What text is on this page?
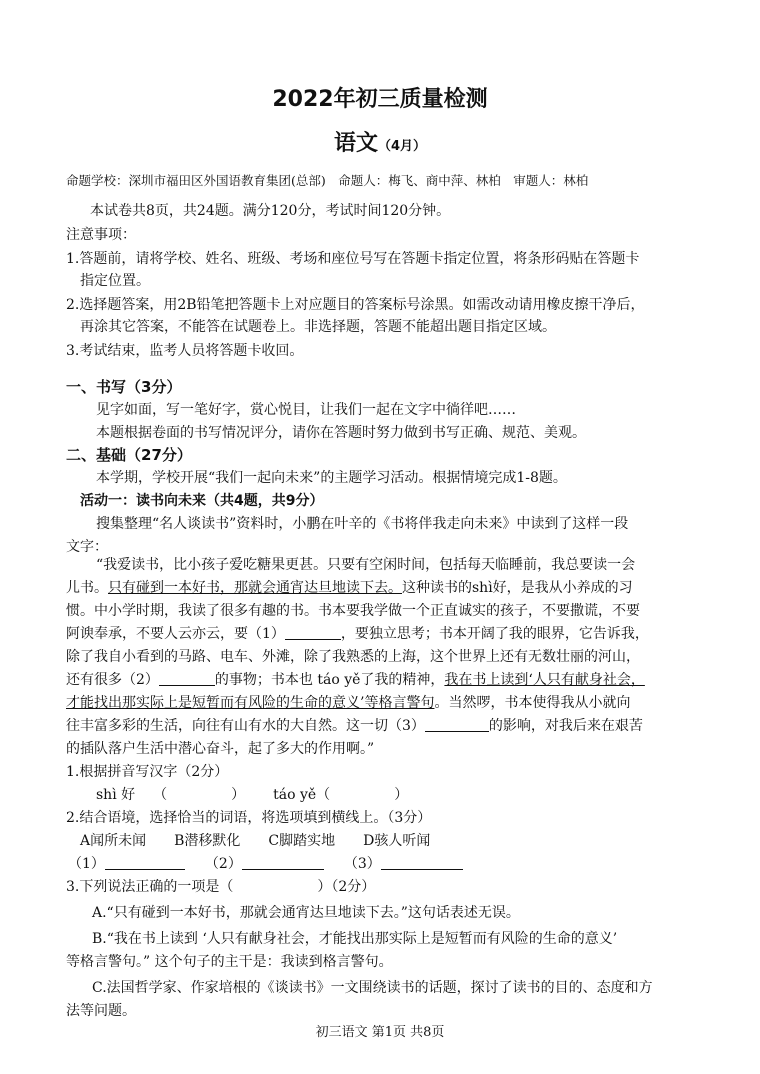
2022年初三质量检测
语文（4月）
命题学校：深圳市福田区外国语教育集团(总部)　命题人：梅飞、商中萍、林柏　审题人：林柏
本试卷共8页，共24题。满分120分，考试时间120分钟。
注意事项：
1.答题前，请将学校、姓名、班级、考场和座位号写在答题卡指定位置，将条形码贴在答题卡
指定位置。
2.选择题答案，用2B铅笔把答题卡上对应题目的答案标号涂黑。如需改动请用橡皮擦干净后，
再涂其它答案，不能答在试题卷上。非选择题，答题不能超出题目指定区域。
3.考试结束，监考人员将答题卡收回。
一、书写（3分）
见字如面，写一笔好字，赏心悦目，让我们一起在文字中徜徉吧……
本题根据卷面的书写情况评分，请你在答题时努力做到书写正确、规范、美观。
二、基础（27分）
本学期，学校开展“我们一起向未来”的主题学习活动。根据情境完成1-8题。
活动一：读书向未来（共4题，共9分）
搜集整理“名人谈读书”资料时，小鹏在叶辛的《书将伴我走向未来》中读到了这样一段
文字：
“我爱读书，比小孩子爱吃糖果更甚。只要有空闲时间，包括每天临睡前，我总要读一会
儿书。只有碰到一本好书，那就会通宵达旦地读下去。这种读书的shì好，是我从小养成的习
惯。中小学时期，我读了很多有趣的书。书本要我学做一个正直诚实的孩子，不要撒谎，不要
阿谀奉承，不要人云亦云，要（1）	，要独立思考；书本开阔了我的眼界，它告诉我，
除了我自小看到的马路、电车、外滩，除了我熟悉的上海，这个世界上还有无数壮丽的河山，
还有很多（2）	的事物；书本也 táo yě了我的精神，我在书上读到‘人只有献身社会，
才能找出那实际上是短暂而有风险的生命的意义’等格言警句。当然啰，书本使得我从小就向
往丰富多彩的生活，向往有山有水的大自然。这一切（3）	的影响，对我后来在艰苦
的插队落户生活中潜心奋斗，起了多大的作用啊。”
1.根据拼音写汉字（2分）
shì 好 （	） táo yě（	）
2.结合语境，选择恰当的词语，将选项填到横线上。（3分）
A闻所未闻　　B潜移默化　　C脚踏实地　　D骇人听闻
（1）	（2）	（3）
3.下列说法正确的一项是（　　　　　　）（2分）
A.“只有碰到一本好书，那就会通宵达旦地读下去。”这句话表述无误。
B.“我在书上读到 ‘人只有献身社会，才能找出那实际上是短暂而有风险的生命的意义’
等格言警句。” 这个句子的主干是：我读到格言警句。
C.法国哲学家、作家培根的《谈读书》一文围绕读书的话题，探讨了读书的目的、态度和方
法等问题。
初三语文 第1页 共8页
